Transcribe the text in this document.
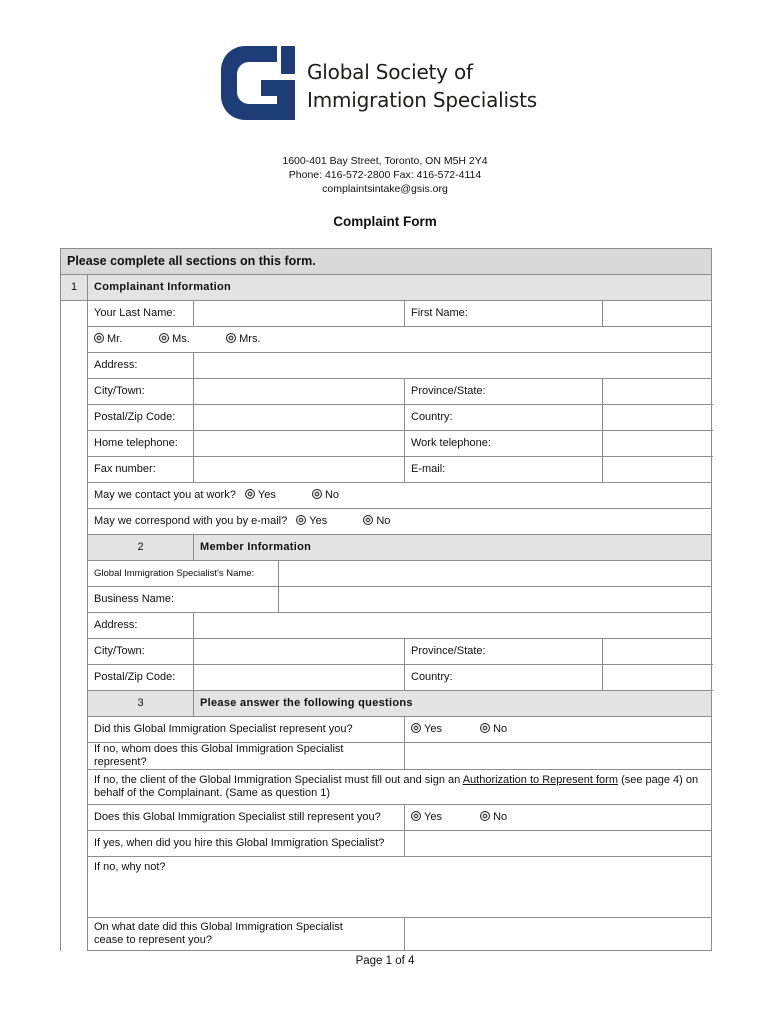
Global Society of
Immigration Specialists
1600-401 Bay Street, Toronto, ON M5H 2Y4
Phone: 416-572-2800 Fax: 416-572-4114
complaintsintake@gsis.org
Complaint Form
Please complete all sections on this form.					
1	Complainant Information				
	Your Last Name:			First Name:	
	Mr. Ms. Mrs.				
	Address:				
	City/Town:			Province/State:	
	Postal/Zip Code:			Country:	
	Home telephone:			Work telephone:	
	Fax number:			E-mail:	
	May we contact you at work? Yes No				
	May we correspond with you by e-mail? Yes No				
	2	Member Information			
	Global Immigration Specialist's Name:				
	Business Name:				
	Address:				
	City/Town:			Province/State:	
	Postal/Zip Code:			Country:	
	3	Please answer the following questions			
	Did this Global Immigration Specialist represent you?			Yes No	
	If no, whom does this Global Immigration Specialist represent?				
	If no, the client of the Global Immigration Specialist must fill out and sign an Authorization to Represent form (see page 4) on behalf of the Complainant. (Same as question 1)				
	Does this Global Immigration Specialist still represent you?			Yes No	
	If yes, when did you hire this Global Immigration Specialist?				
	If no, why not?				
	On what date did this Global Immigration Specialist cease to represent you?				
Page 1 of 4
